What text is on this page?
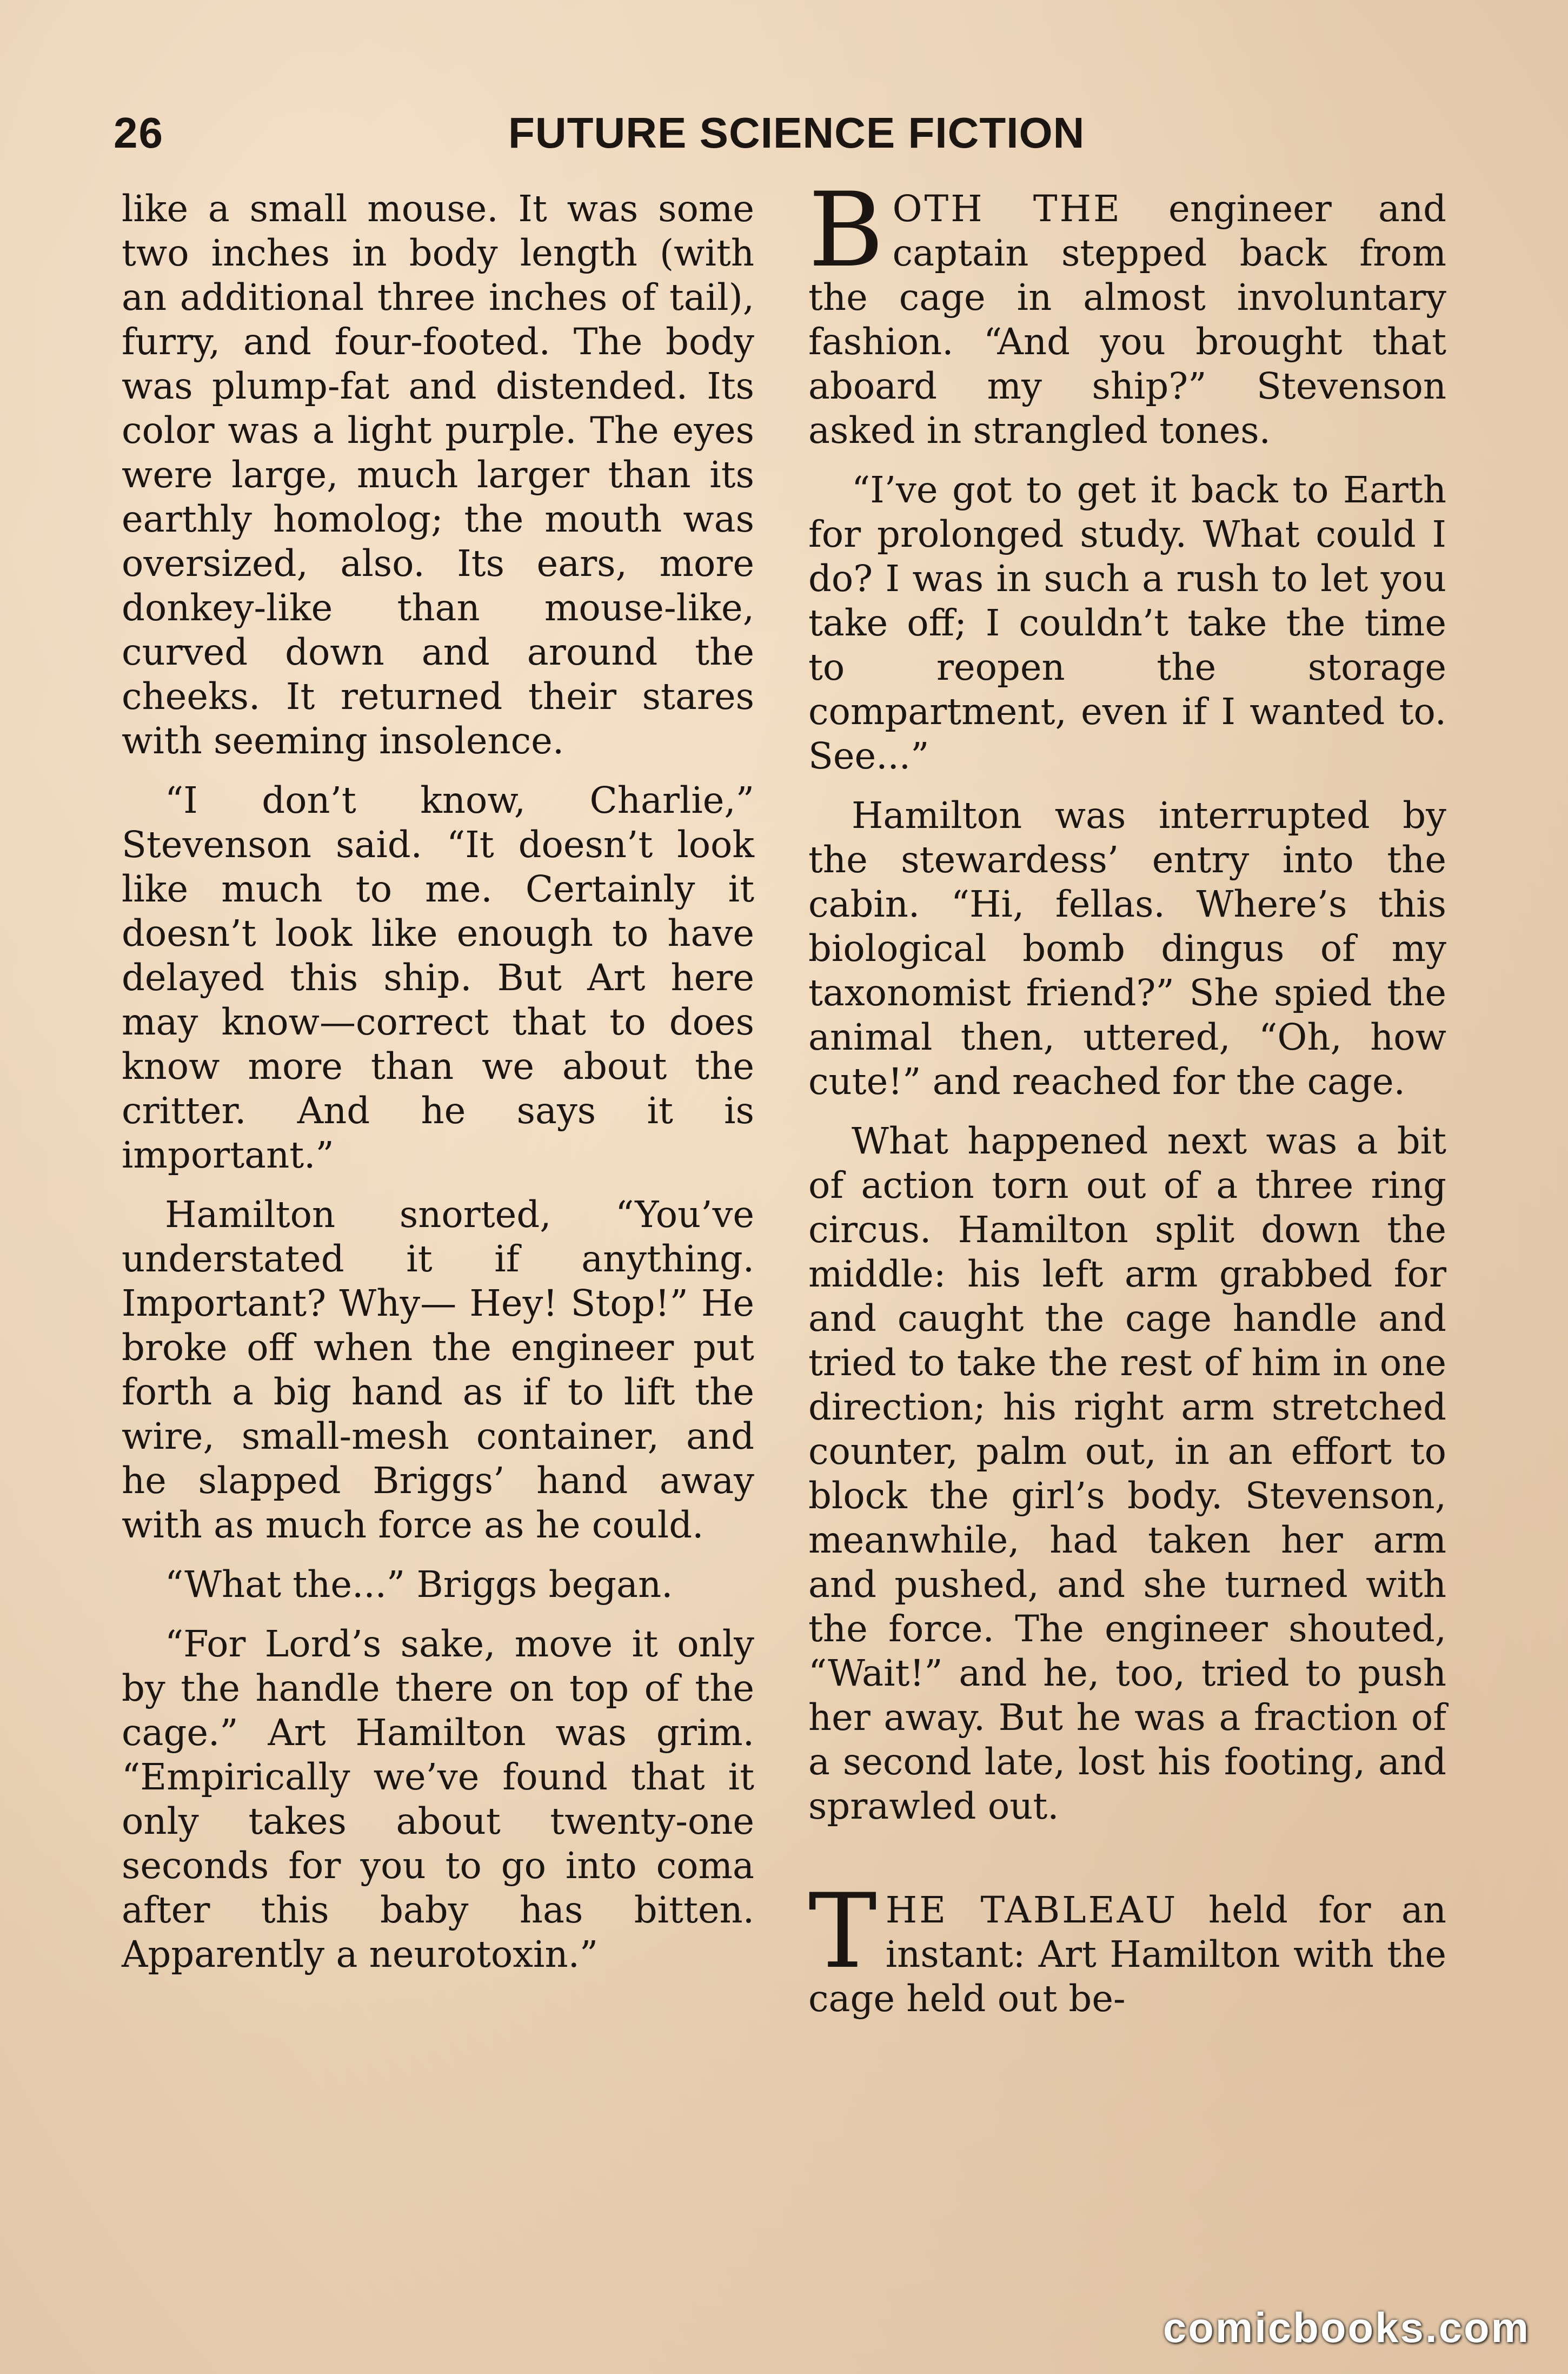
26	FUTURE SCIENCE FICTION

like a small mouse. It was some two inches in body length (with an additional three inches of tail), furry, and four-footed. The body was plump-fat and distended. Its color was a light purple. The eyes were large, much larger than its earthly homolog; the mouth was oversized, also. Its ears, more donkey-like than mouse-like, curved down and around the cheeks. It returned their stares with seeming insolence.

“I don’t know, Charlie,” Stevenson said. “It doesn’t look like much to me. Certainly it doesn’t look like enough to have delayed this ship. But Art here may know—correct that to does know more than we about the critter. And he says it is important.”

Hamilton snorted, “You’ve understated it if anything. Important? Why— Hey! Stop!” He broke off when the engineer put forth a big hand as if to lift the wire, small-mesh container, and he slapped Briggs’ hand away with as much force as he could.

“What the...” Briggs began.

“For Lord’s sake, move it only by the handle there on top of the cage.” Art Hamilton was grim. “Empirically we’ve found that it only takes about twenty-one seconds for you to go into coma after this baby has bitten. Apparently a neurotoxin.”

BOTH THE engineer and captain stepped back from the cage in almost involuntary fashion. “And you brought that aboard my ship?” Stevenson asked in strangled tones.

“I’ve got to get it back to Earth for prolonged study. What could I do? I was in such a rush to let you take off; I couldn’t take the time to reopen the storage compartment, even if I wanted to. See...”

Hamilton was interrupted by the stewardess’ entry into the cabin. “Hi, fellas. Where’s this biological bomb dingus of my taxonomist friend?” She spied the animal then, uttered, “Oh, how cute!” and reached for the cage.

What happened next was a bit of action torn out of a three ring circus. Hamilton split down the middle: his left arm grabbed for and caught the cage handle and tried to take the rest of him in one direction; his right arm stretched counter, palm out, in an effort to block the girl’s body. Stevenson, meanwhile, had taken her arm and pushed, and she turned with the force. The engineer shouted, “Wait!” and he, too, tried to push her away. But he was a fraction of a second late, lost his footing, and sprawled out.

THE TABLEAU held for an instant: Art Hamilton with the cage held out be-

comicbooks.com
